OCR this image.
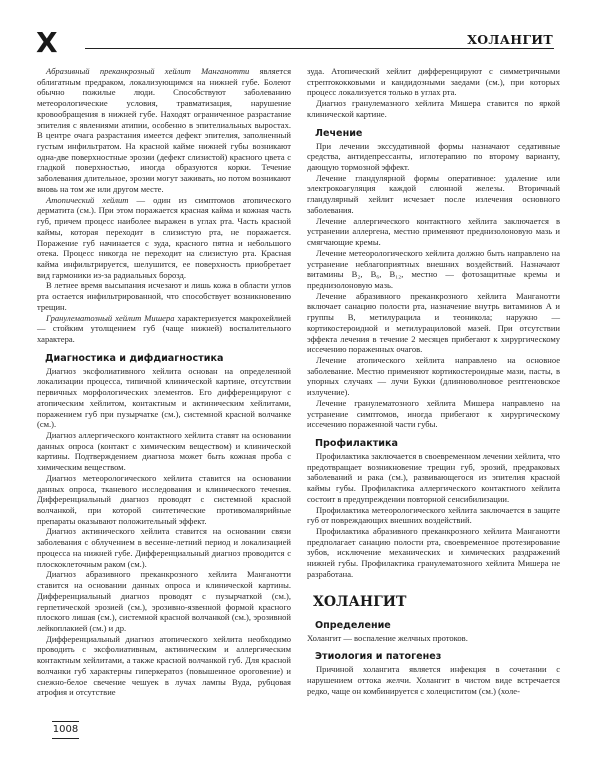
Х	ХОЛАНГИТ

Абразивный преканкрозный хейлит Манганотти является облигатным предраком, локализующимся на нижней губе. Болеют обычно пожилые люди. Способствуют заболеванию метеорологические условия, травматизация, нарушение кровообращения в нижней губе. Находят ограниченное разрастание эпителия с явлениями атипии, особенно в эпителиальных выростах. В центре очага разрастания имеется дефект эпителия, заполненный густым инфильтратом. На красной кайме нижней губы возникают одна-две поверхностные эрозии (дефект слизистой) красного цвета с гладкой поверхностью, иногда образуются корки. Течение заболевания длительное, эрозии могут заживать, но потом возникают вновь на том же или другом месте.

Атопический хейлит — один из симптомов атопического дерматита (см.). При этом поражается красная кайма и кожная часть губ, причем процесс наиболее выражен в углах рта. Часть красной каймы, которая переходит в слизистую рта, не поражается. Поражение губ начинается с зуда, красного пятна и небольшого отека. Процесс никогда не переходит на слизистую рта. Красная кайма инфильтрируется, шелушится, ее поверхность приобретает вид гармоники из-за радиальных борозд.

В летнее время высыпания исчезают и лишь кожа в области углов рта остается инфильтрированной, что способствует возникновению трещин.

Гранулематозный хейлит Мишера характеризуется макрохейлией — стойким утолщением губ (чаще нижней) воспалительного характера.

Диагностика и дифдиагностика

Диагноз эксфолиативного хейлита основан на определенной локализации процесса, типичной клинической картине, отсутствии первичных морфологических элементов. Его дифференцируют с атопическим хейлитом, контактным и актиническим хейлитами, поражением губ при пузырчатке (см.), системной красной волчанке (см.).

Диагноз аллергического контактного хейлита ставят на основании данных опроса (контакт с химическим веществом) и клинической картины. Подтверждением диагноза может быть кожная проба с химическим веществом.

Диагноз метеорологического хейлита ставится на основании данных опроса, тканевого исследования и клинического течения. Дифференциальный диагноз проводят с системной красной волчанкой, при которой синтетические противомалярийные препараты оказывают положительный эффект.

Диагноз актинического хейлита ставится на основании связи заболевания с облучением в весенне-летний период и локализацией процесса на нижней губе. Дифференциальный диагноз проводится с плоскоклеточным раком (см.).

Диагноз абразивного преканкрозного хейлита Манганотти ставится на основании данных опроса и клинической картины. Дифференциальный диагноз проводят с пузырчаткой (см.), герпетической эрозией (см.), эрозивно-язвенной формой красного плоского лишая (см.), системной красной волчанкой (см.), эрозивной лейкоплакией (см.) и др.

Дифференциальный диагноз атопического хейлита необходимо проводить с эксфолиативным, актиническим и аллергическим контактным хейлитами, а также красной волчанкой губ. Для красной волчанки губ характерны гиперкератоз (повышенное ороговение) и снежно-белое свечение чешуек в лучах лампы Вуда, рубцовая атрофия и отсутствие

зуда. Атопический хейлит дифференцируют с симметричными стрептококковыми и кандидозными заедами (см.), при которых процесс локализуется только в углах рта.

Диагноз гранулемазного хейлита Мишера ставится по яркой клинической картине.

Лечение

При лечении экссудативной формы назначают седативные средства, антидепрессанты, иглотерапию по второму варианту, дающую тормозной эффект.

Лечение гландулярной формы оперативное: удаление или электрокоагуляция каждой слюнной железы. Вторичный гландулярный хейлит исчезает после излечения основного заболевания.

Лечение аллергического контактного хейлита заключается в устранении аллергена, местно применяют преднизолоновую мазь и смягчающие кремы.

Лечение метеорологического хейлита должно быть направлено на устранение неблагоприятных внешних воздействий. Назначают витамины B₂, B₆, B₁₂, местно — фотозащитные кремы и преднизолоновую мазь.

Лечение абразивного преканкрозного хейлита Манганотти включает санацию полости рта, назначение внутрь витаминов А и группы В, метилурацила и теоникола; наружно — кортикостероидной и метилурациловой мазей. При отсутствии эффекта лечения в течение 2 месяцев прибегают к хирургическому иссечению пораженных очагов.

Лечение атопического хейлита направлено на основное заболевание. Местно применяют кортикостероидные мази, пасты, в упорных случаях — лучи Букки (длинноволновое рентгеновское излучение).

Лечение гранулематозного хейлита Мишера направлено на устранение симптомов, иногда прибегают к хирургическому иссечению пораженной части губы.

Профилактика

Профилактика заключается в своевременном лечении хейлита, что предотвращает возникновение трещин губ, эрозий, предраковых заболеваний и рака (см.), развивающегося из эпителия красной каймы губы. Профилактика аллергического контактного хейлита состоит в предупреждении повторной сенсибилизации.

Профилактика метеорологического хейлита заключается в защите губ от повреждающих внешних воздействий.

Профилактика абразивного преканкрозного хейлита Манганотти предполагает санацию полости рта, своевременное протезирование зубов, исключение механических и химических раздражений нижней губы. Профилактика гранулематозного хейлита Мишера не разработана.

ХОЛАНГИТ
Определение

Холангит — воспаление желчных протоков.

Этиология и патогенез

Причиной холангита является инфекция в сочетании с нарушением оттока желчи. Холангит в чистом виде встречается редко, чаще он комбинируется с холециститом (см.) (холе-

1008
